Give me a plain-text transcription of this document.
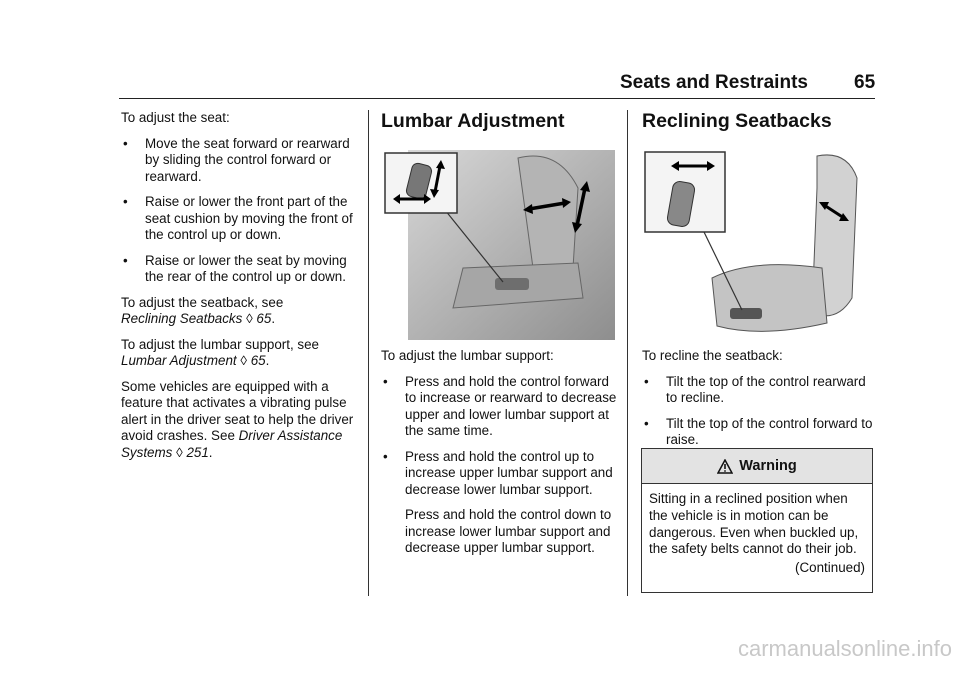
Seats and Restraints 65

To adjust the seat:

• Move the seat forward or rearward by sliding the control forward or rearward.
• Raise or lower the front part of the seat cushion by moving the front of the control up or down.
• Raise or lower the seat by moving the rear of the control up or down.

To adjust the seatback, see
Reclining Seatbacks ◊ 65.

To adjust the lumbar support, see
Lumbar Adjustment ◊ 65.

Some vehicles are equipped with a feature that activates a vibrating pulse alert in the driver seat to help the driver avoid crashes. See Driver Assistance Systems ◊ 251.

Lumbar Adjustment

To adjust the lumbar support:

• Press and hold the control forward to increase or rearward to decrease upper and lower lumbar support at the same time.
• Press and hold the control up to increase upper lumbar support and decrease lower lumbar support.
Press and hold the control down to increase lower lumbar support and decrease upper lumbar support.
Reclining Seatbacks

To recline the seatback:

• Tilt the top of the control rearward to recline.
• Tilt the top of the control forward to raise.
Warning
Sitting in a reclined position when the vehicle is in motion can be dangerous. Even when buckled up, the safety belts cannot do their job.
(Continued)
carmanualsonline.info
